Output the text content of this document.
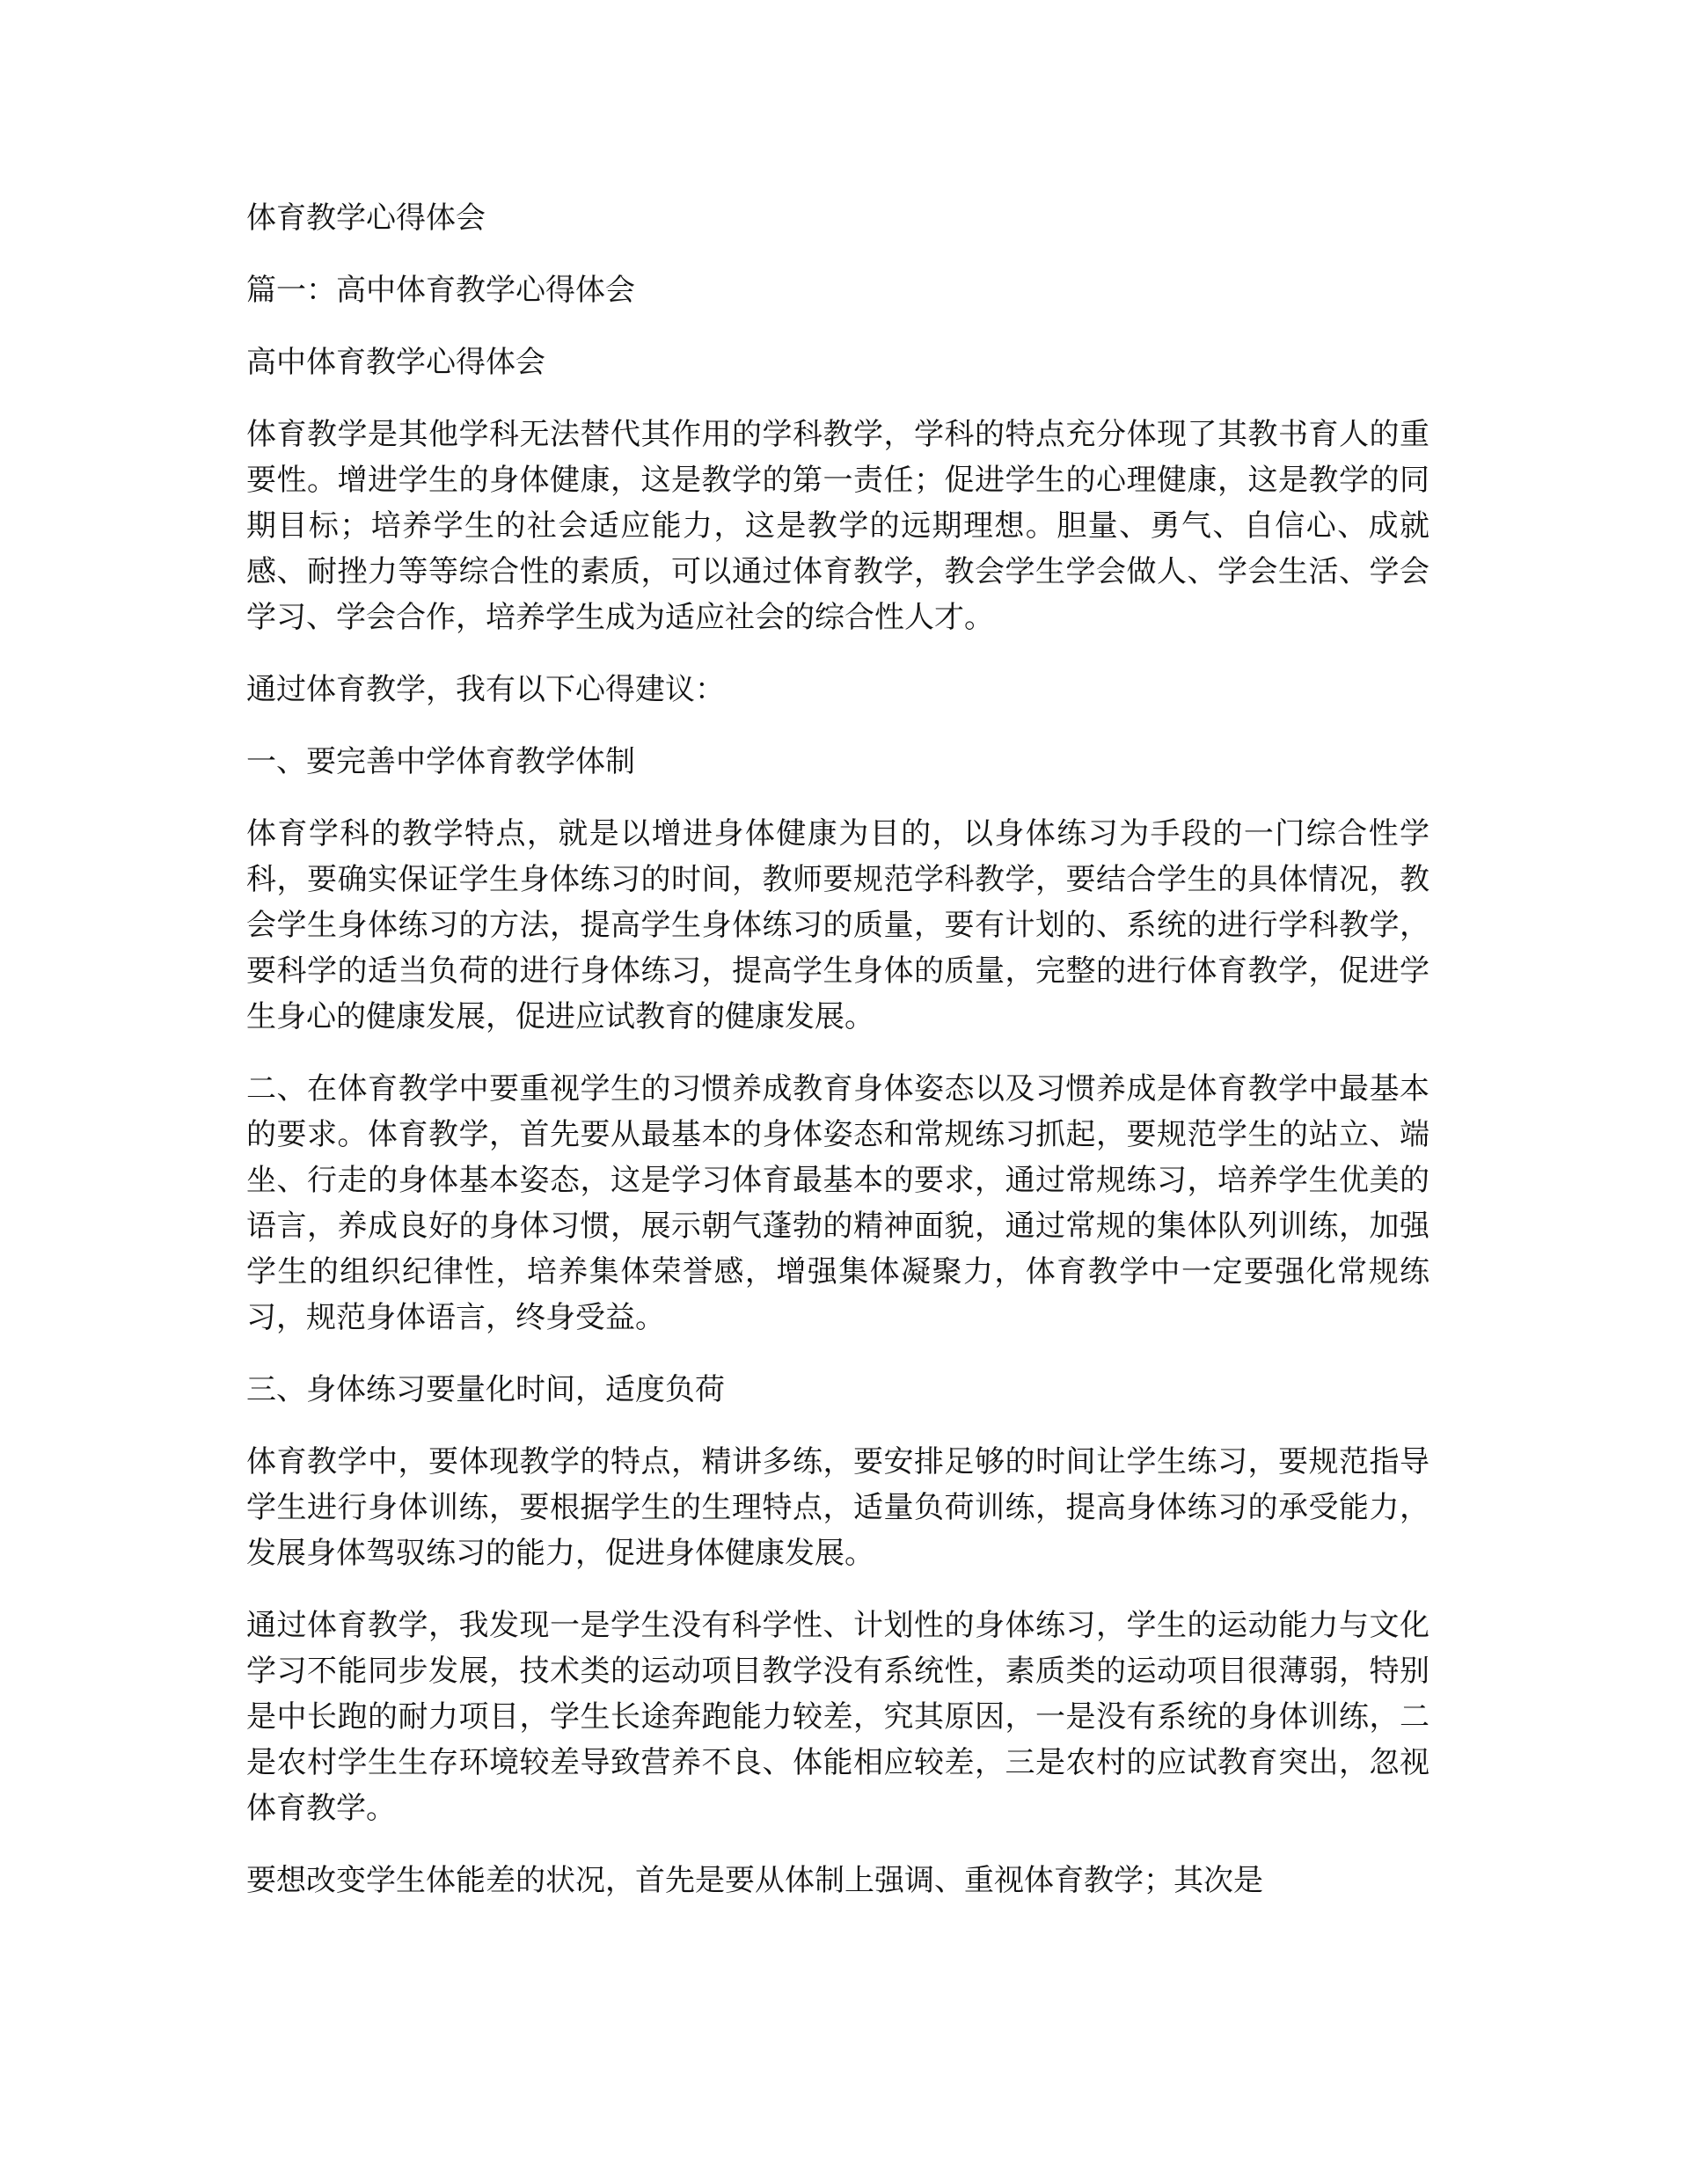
体育教学心得体会
篇一：高中体育教学心得体会
高中体育教学心得体会
体育教学是其他学科无法替代其作用的学科教学，学科的特点充分体现了其教书育人的重要性。增进学生的身体健康，这是教学的第一责任；促进学生的心理健康，这是教学的同期目标；培养学生的社会适应能力，这是教学的远期理想。胆量、勇气、自信心、成就感、耐挫力等等综合性的素质，可以通过体育教学，教会学生学会做人、学会生活、学会学习、学会合作，培养学生成为适应社会的综合性人才。
通过体育教学，我有以下心得建议：
一、要完善中学体育教学体制
体育学科的教学特点，就是以增进身体健康为目的，以身体练习为手段的一门综合性学科，要确实保证学生身体练习的时间，教师要规范学科教学，要结合学生的具体情况，教会学生身体练习的方法，提高学生身体练习的质量，要有计划的、系统的进行学科教学，要科学的适当负荷的进行身体练习，提高学生身体的质量，完整的进行体育教学，促进学生身心的健康发展，促进应试教育的健康发展。
二、在体育教学中要重视学生的习惯养成教育身体姿态以及习惯养成是体育教学中最基本的要求。体育教学，首先要从最基本的身体姿态和常规练习抓起，要规范学生的站立、端坐、行走的身体基本姿态，这是学习体育最基本的要求，通过常规练习，培养学生优美的语言，养成良好的身体习惯，展示朝气蓬勃的精神面貌，通过常规的集体队列训练，加强学生的组织纪律性，培养集体荣誉感，增强集体凝聚力，体育教学中一定要强化常规练习，规范身体语言，终身受益。
三、身体练习要量化时间，适度负荷
体育教学中，要体现教学的特点，精讲多练，要安排足够的时间让学生练习，要规范指导学生进行身体训练，要根据学生的生理特点，适量负荷训练，提高身体练习的承受能力，发展身体驾驭练习的能力，促进身体健康发展。
通过体育教学，我发现一是学生没有科学性、计划性的身体练习，学生的运动能力与文化学习不能同步发展，技术类的运动项目教学没有系统性，素质类的运动项目很薄弱，特别是中长跑的耐力项目，学生长途奔跑能力较差，究其原因，一是没有系统的身体训练，二是农村学生生存环境较差导致营养不良、体能相应较差，三是农村的应试教育突出，忽视体育教学。
要想改变学生体能差的状况，首先是要从体制上强调、重视体育教学；其次是
